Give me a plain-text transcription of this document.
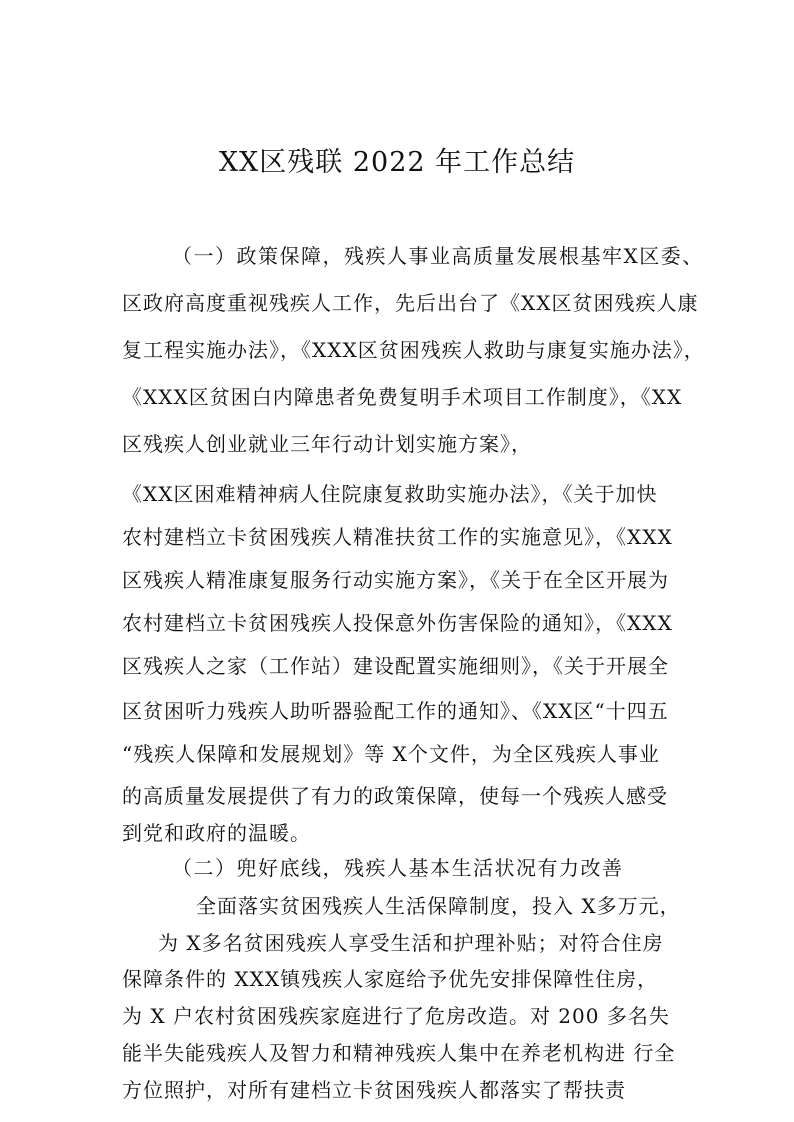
XX区残联 2022 年工作总结
（一）政策保障，残疾人事业高质量发展根基牢X区委、
区政府高度重视残疾人工作，先后出台了《XX区贫困残疾人康
复工程实施办法》，《XXX区贫困残疾人救助与康复实施办法》，
《XXX区贫困白内障患者免费复明手术项目工作制度》，《XX
区残疾人创业就业三年行动计划实施方案》，
《XX区困难精神病人住院康复救助实施办法》，《关于加快
农村建档立卡贫困残疾人精准扶贫工作的实施意见》，《XXX
区残疾人精准康复服务行动实施方案》，《关于在全区开展为
农村建档立卡贫困残疾人投保意外伤害保险的通知》，《XXX
区残疾人之家（工作站）建设配置实施细则》，《关于开展全
区贫困听力残疾人助听器验配工作的通知》、《XX区“十四五
“残疾人保障和发展规划》等 X个文件，为全区残疾人事业
的高质量发展提供了有力的政策保障，使每一个残疾人感受
到党和政府的温暖。
（二）兜好底线，残疾人基本生活状况有力改善
全面落实贫困残疾人生活保障制度，投入 X多万元，
为 X多名贫困残疾人享受生活和护理补贴；对符合住房
保障条件的 XXX镇残疾人家庭给予优先安排保障性住房，
为 X 户农村贫困残疾家庭进行了危房改造。对 200 多名失
能半失能残疾人及智力和精神残疾人集中在养老机构进 行全
方位照护，对所有建档立卡贫困残疾人都落实了帮扶责
